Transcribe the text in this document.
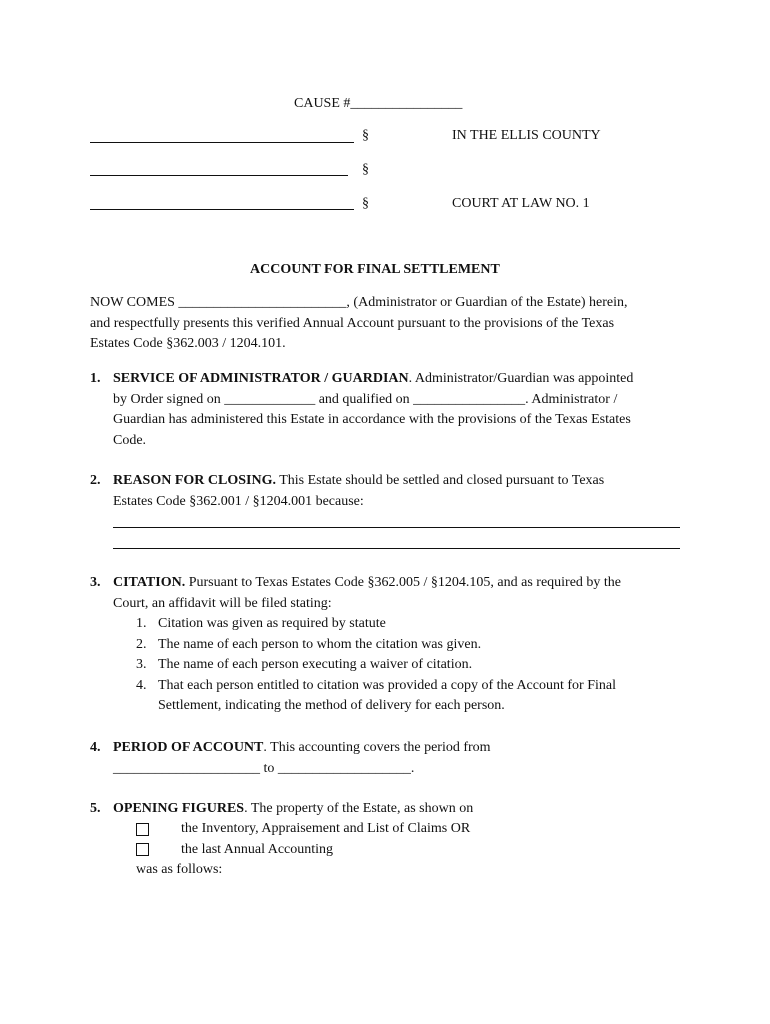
CAUSE #________________
§
§
§
IN THE ELLIS COUNTY
COURT AT LAW NO. 1
ACCOUNT FOR FINAL SETTLEMENT
NOW COMES ________________________, (Administrator or Guardian of the Estate) herein,
and respectfully presents this verified Annual Account pursuant to the provisions of the Texas
Estates Code §362.003 / 1204.101.
1. SERVICE OF ADMINISTRATOR / GUARDIAN. Administrator/Guardian was appointed
by Order signed on _____________ and qualified on ________________. Administrator /
Guardian has administered this Estate in accordance with the provisions of the Texas Estates
Code.
2. REASON FOR CLOSING. This Estate should be settled and closed pursuant to Texas
Estates Code §362.001 / §1204.001 because:
3. CITATION. Pursuant to Texas Estates Code §362.005 / §1204.105, and as required by the
Court, an affidavit will be filed stating:
1. Citation was given as required by statute
2. The name of each person to whom the citation was given.
3. The name of each person executing a waiver of citation.
4. That each person entitled to citation was provided a copy of the Account for Final
Settlement, indicating the method of delivery for each person.
4. PERIOD OF ACCOUNT. This accounting covers the period from
_____________________ to ___________________.
5. OPENING FIGURES. The property of the Estate, as shown on
the Inventory, Appraisement and List of Claims OR
the last Annual Accounting
was as follows:
